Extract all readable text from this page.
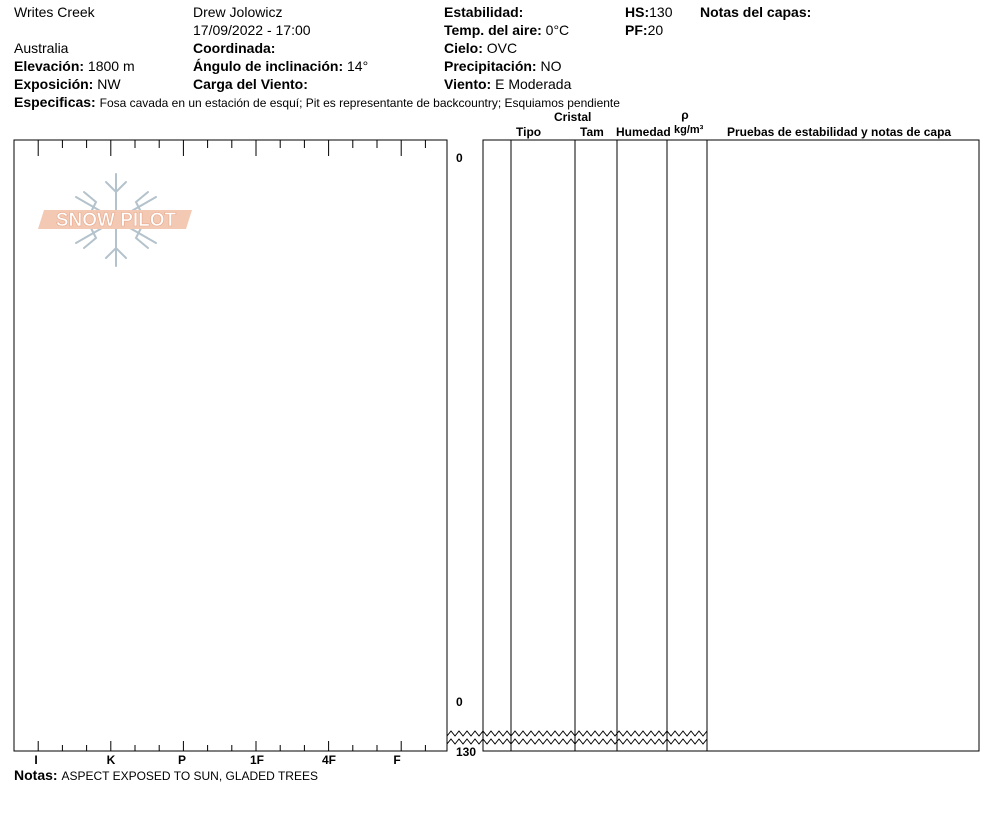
Writes Creek
Australia
Elevación: 1800 m
Exposición: NW
Drew Jolowicz
17/09/2022 - 17:00
Coordinada:
Ángulo de inclinación: 14°
Carga del Viento:
Estabilidad:
Temp. del aire: 0°C
Cielo: OVC
Precipitación: NO
Viento: E Moderada
HS:130
PF:20
Notas del capas:
Especificas: Fosa cavada en un estación de esquí; Pit es representante de backcountry; Esquiamos pendiente
Cristal
Tipo	Tam Humedad
ρ
kg/m³ Pruebas de estabilidad y notas de capa
SNOW PILOT
I	K	P	1F	4F	F
0
0
130
Notas: ASPECT EXPOSED TO SUN, GLADED TREES
